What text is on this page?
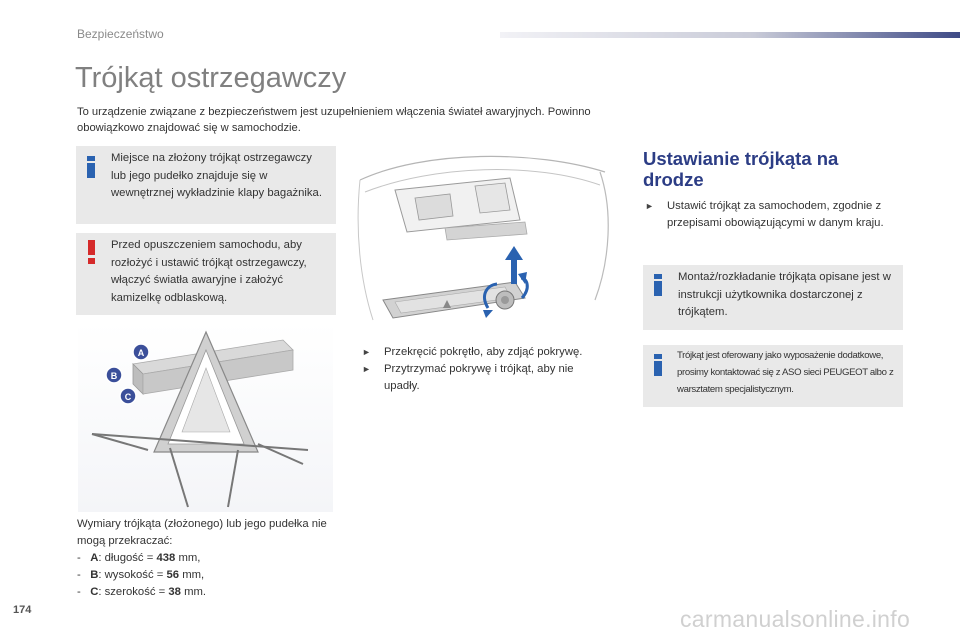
Bezpieczeństwo
Trójkąt ostrzegawczy
To urządzenie związane z bezpieczeństwem jest uzupełnieniem włączenia świateł awaryjnych. Powinno obowiązkowo znajdować się w samochodzie.
Miejsce na złożony trójkąt ostrzegawczy lub jego pudełko znajduje się w wewnętrznej wykładzinie klapy bagażnika.
Przed opuszczeniem samochodu, aby rozłożyć i ustawić trójkąt ostrzegawczy, włączyć światła awaryjne i założyć kamizelkę odblaskową.
A
B
C
Wymiary trójkąta (złożonego) lub jego pudełka nie mogą przekraczać:
-   A: długość = 438 mm,
-   B: wysokość = 56 mm,
-   C: szerokość = 38 mm.
► Przekręcić pokrętło, aby zdjąć pokrywę.
► Przytrzymać pokrywę i trójkąt, aby nie upadły.
Ustawianie trójkąta na drodze
► Ustawić trójkąt za samochodem, zgodnie z przepisami obowiązującymi w danym kraju.
Montaż/rozkładanie trójkąta opisane jest w instrukcji użytkownika dostarczonej z trójkątem.
Trójkąt jest oferowany jako wyposażenie dodatkowe, prosimy kontaktować się z ASO sieci PEUGEOT albo z warsztatem specjalistycznym.
174	carmanualsonline.info
